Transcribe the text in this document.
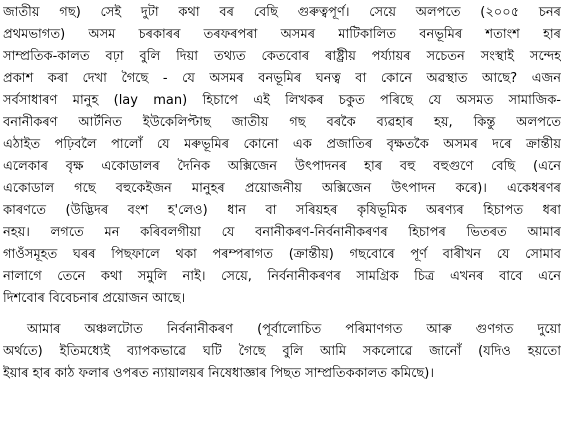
জাতীয় গছ) সেই দুটা কথা বৰ বেছি গুৰুত্বপূৰ্ণ। সেয়ে অলপতে (২০০৫ চনৰ
প্ৰথমভাগত) অসম চৰকাৰৰ তৰফৰপৰা অসমৰ মাটিকালিত বনভূমিৰ শতাংশ হাৰ
সাম্প্ৰতিক-কালত বঢ়া বুলি দিয়া তথ্যত কেতবোৰ ৰাষ্ট্ৰীয় পৰ্য্যায়ৰ সচেতন সংস্থাই সন্দেহ
প্ৰকাশ কৰা দেখা গৈছে - যে অসমৰ বনভূমিৰ ঘনত্ব বা কোনে অৱস্থাত আছে? এজন
সৰ্বসাধাৰণ মানুহ (lay man) হিচাপে এই লিখকৰ চকুত পৰিছে যে অসমত সামাজিক-
বনানীকৰণ আৰ্টনিত ইউকেলিপ্টাছ জাতীয় গছ বৰকৈ ব্যৱহাৰ হয়, কিন্তু অলপতে
এঠাইত পঢ়িবলৈ পালোঁ যে মৰুভূমিৰ কোনো এক প্ৰজাতিৰ বৃক্ষতকৈ অসমৰ দৰে ক্ৰান্তীয়
এলেকাৰ বৃক্ষ একোডালৰ দৈনিক অক্সিজেন উৎপাদনৰ হাৰ বহু বহুগুণে বেছি (এনে
একোডাল গছে বহুকেইজন মানুহৰ প্ৰয়োজনীয় অক্সিজেন উৎপাদন কৰে)। একেধৰণৰ
কাৰণতে (উদ্ভিদৰ বংশ হ'লেও) ধান বা সৰিয়হৰ কৃষিভূমিক অৰণ্যৰ হিচাপত ধৰা
নহয়। লগতে মন কৰিবলগীয়া যে বনানীকৰণ-নিৰ্বনানীকৰণৰ হিচাপৰ ভিতৰত আমাৰ
গাওঁসমূহত ঘৰৰ পিছফালে থকা পৰম্পৰাগত (ক্ৰান্তীয়) গছবোৰে পূৰ্ণ বাৰীখন যে সোমাব
নালাগে তেনে কথা সমুলি নাই। সেয়ে, নিৰ্বনানীকৰণৰ সামগ্ৰিক চিত্ৰ এখনৰ বাবে এনে
দিশবোৰ বিবেচনাৰ প্ৰয়োজন আছে।
আমাৰ অঞ্চলটোত নিৰ্বনানীকৰণ (পূৰ্বালোচিত পৰিমাণগত আৰু গুণগত দুয়ো
অৰ্থতে) ইতিমধ্যেই ব্যাপকভাৱে ঘটি গৈছে বুলি আমি সকলোৱে জানোঁ (যদিও হয়তো
ইয়াৰ হাৰ কাঠ ফলাৰ ওপৰত ন্যায়ালয়ৰ নিষেধাজ্ঞাৰ পিছত সাম্প্ৰতিককালত কমিছে)।
